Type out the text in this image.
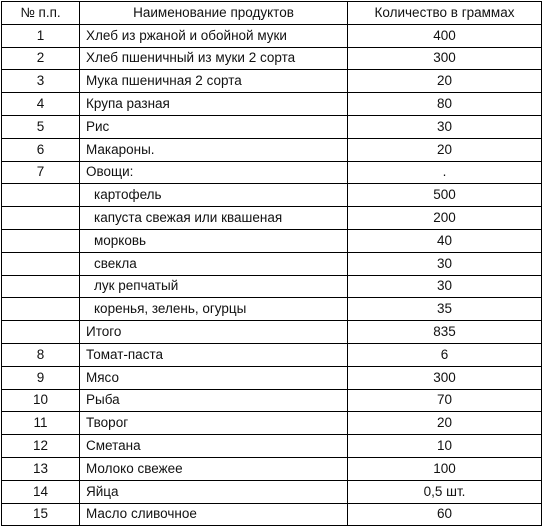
№ п.п.	Наименование продуктов	Количество в граммах
1	Хлеб из ржаной и обойной муки	400
2	Хлеб пшеничный из муки 2 сорта	300
3	Мука пшеничная 2 сорта	20
4	Крупа разная	80
5	Рис	30
6	Макароны.	20
7	Овощи:	.
	картофель	500
	капуста свежая или квашеная	200
	морковь	40
	свекла	30
	лук репчатый	30
	коренья, зелень, огурцы	35
	Итого	835
8	Томат-паста	6
9	Мясо	300
10	Рыба	70
11	Творог	20
12	Сметана	10
13	Молоко свежее	100
14	Яйца	0,5 шт.
15	Масло сливочное	60
